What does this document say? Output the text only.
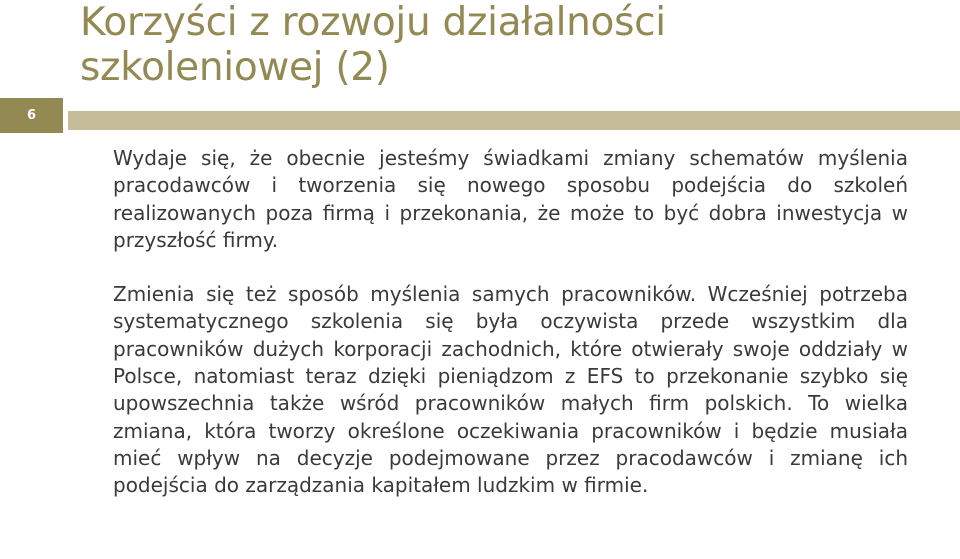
Korzyści z rozwoju działalności
szkoleniowej (2)
6

Wydaje się, że obecnie jesteśmy świadkami zmiany schematów myślenia pracodawców i tworzenia się nowego sposobu podejścia do szkoleń realizowanych poza firmą i przekonania, że może to być dobra inwestycja w przyszłość firmy.

Zmienia się też sposób myślenia samych pracowników. Wcześniej potrzeba systematycznego szkolenia się była oczywista przede wszystkim dla pracowników dużych korporacji zachodnich, które otwierały swoje oddziały w Polsce, natomiast teraz dzięki pieniądzom z EFS to przekonanie szybko się upowszechnia także wśród pracowników małych firm polskich. To wielka zmiana, która tworzy określone oczekiwania pracowników i będzie musiała mieć wpływ na decyzje podejmowane przez pracodawców i zmianę ich podejścia do zarządzania kapitałem ludzkim w firmie.
